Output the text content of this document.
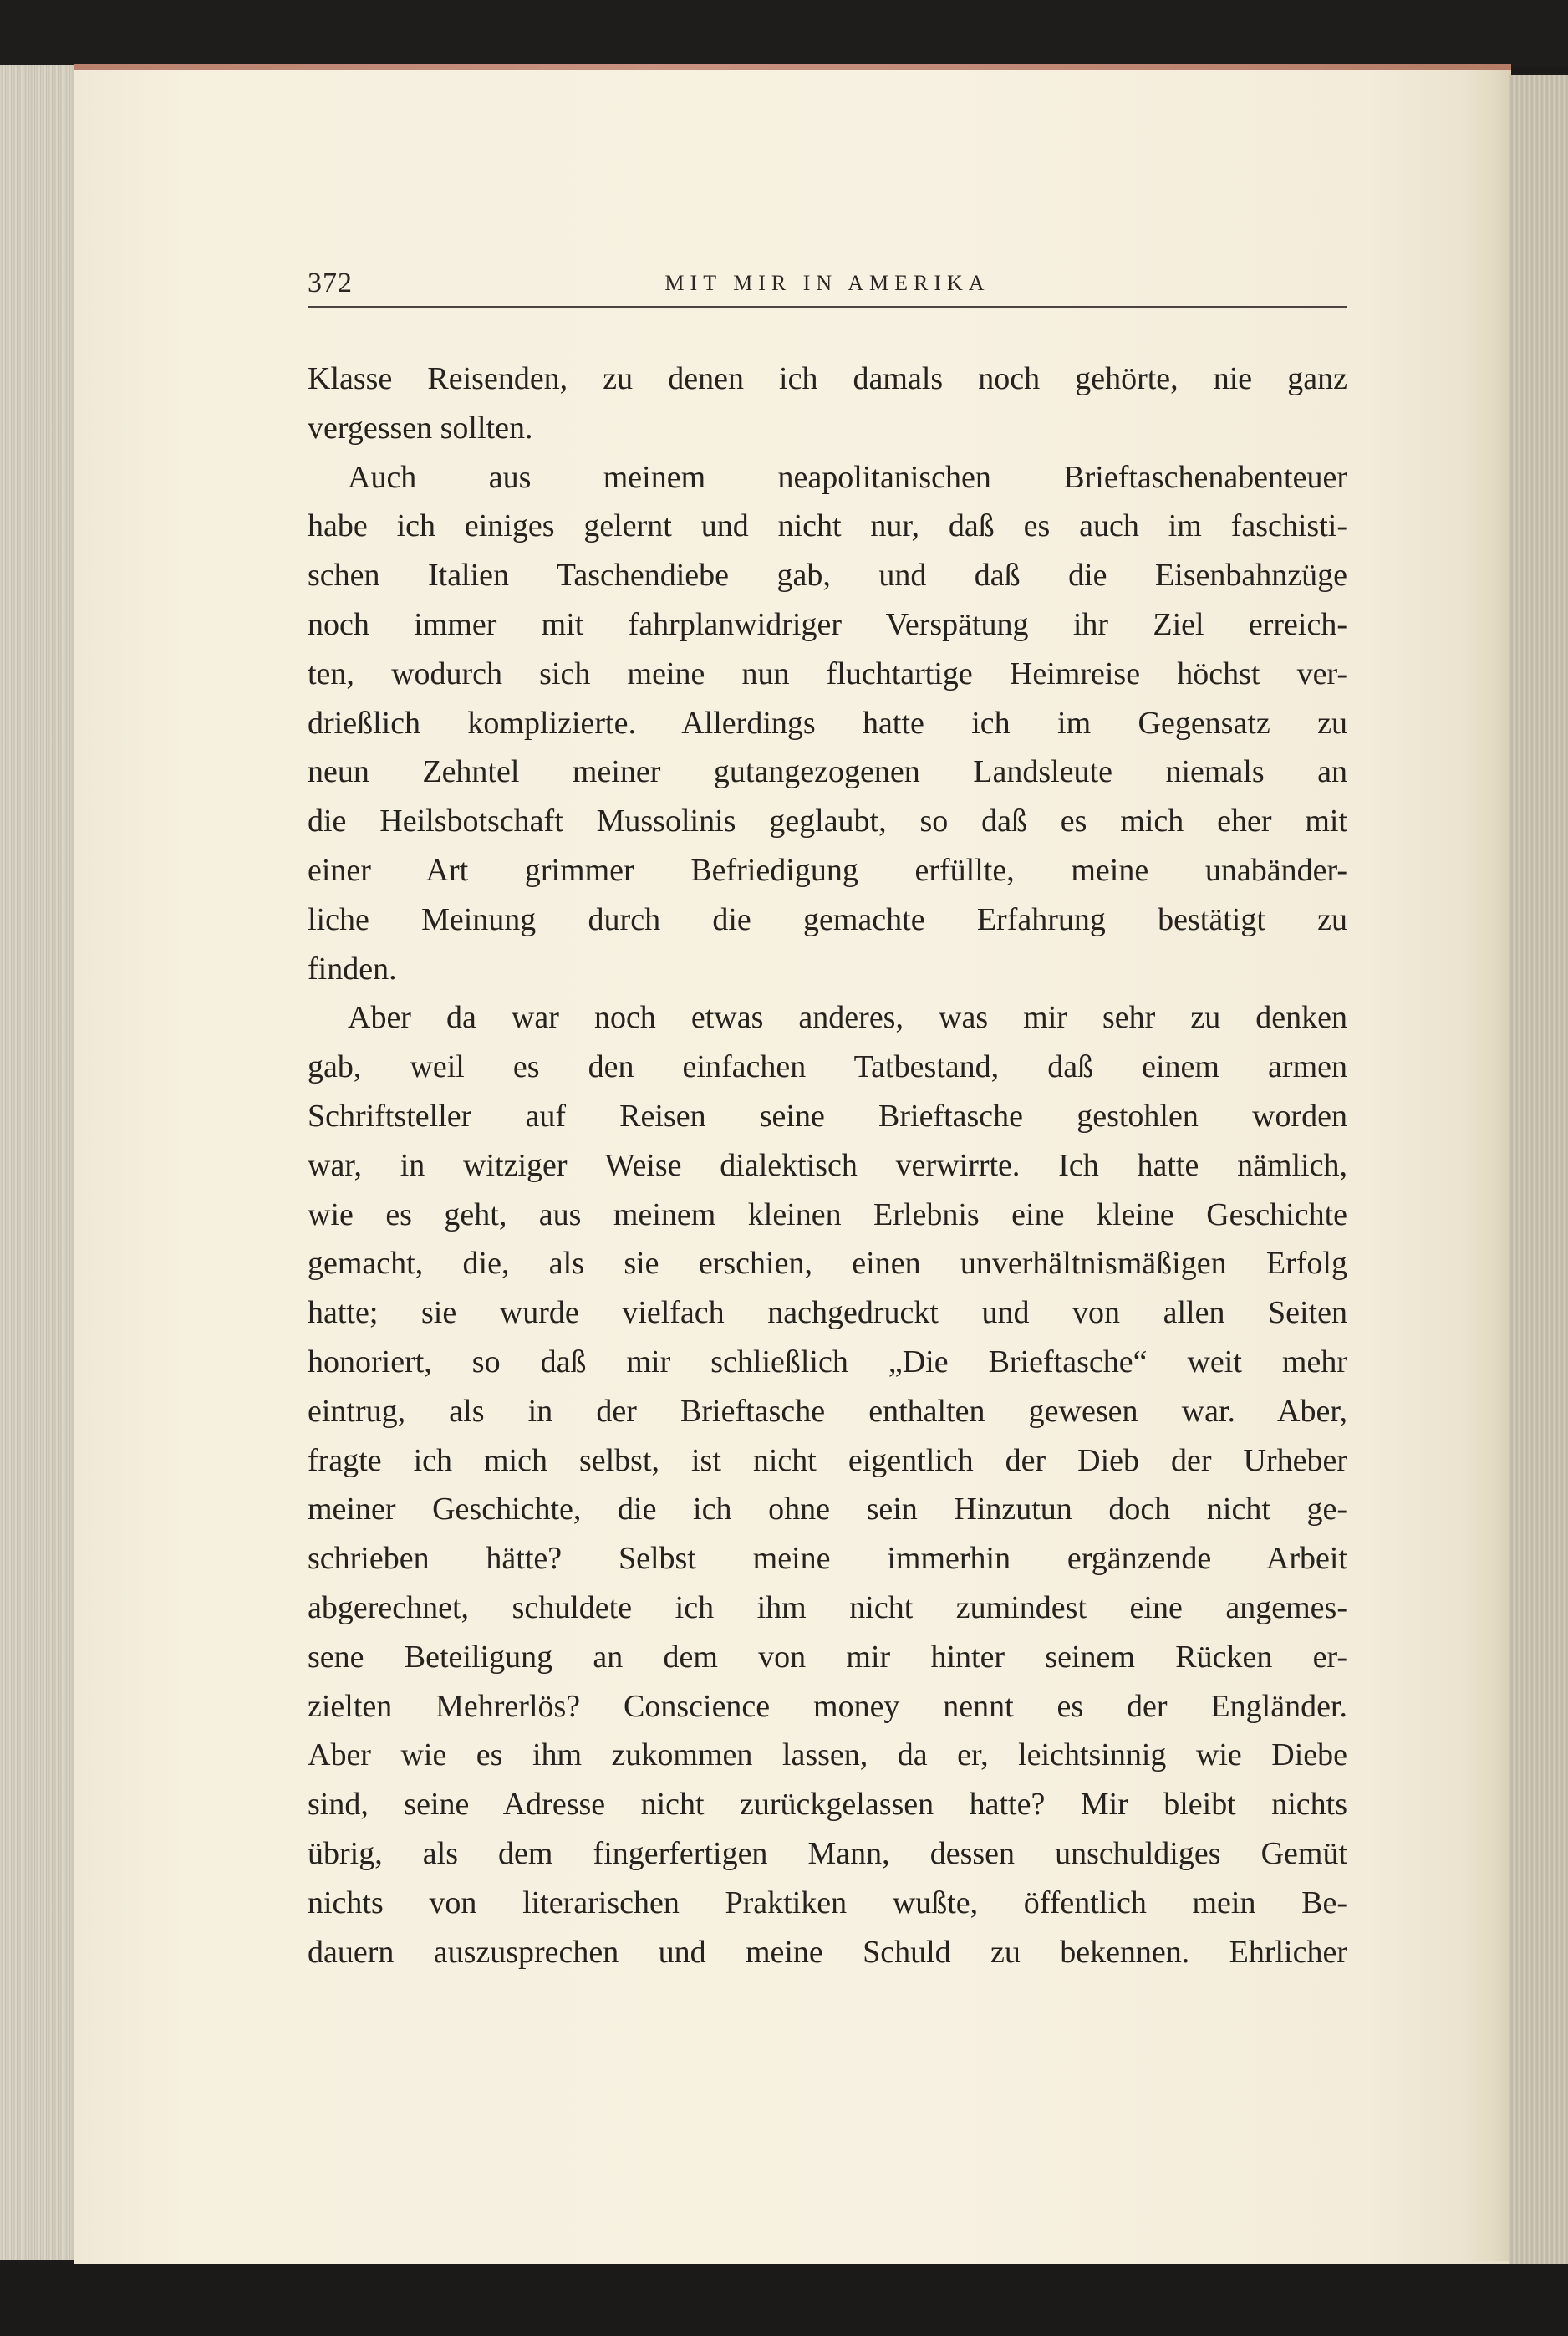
372	MIT MIR IN AMERIKA
Klasse Reisenden, zu denen ich damals noch gehörte, nie ganz
vergessen sollten.
Auch aus meinem neapolitanischen Brieftaschenabenteuer
habe ich einiges gelernt und nicht nur, daß es auch im faschisti-
schen Italien Taschendiebe gab, und daß die Eisenbahnzüge
noch immer mit fahrplanwidriger Verspätung ihr Ziel erreich-
ten, wodurch sich meine nun fluchtartige Heimreise höchst ver-
drießlich komplizierte. Allerdings hatte ich im Gegensatz zu
neun Zehntel meiner gutangezogenen Landsleute niemals an
die Heilsbotschaft Mussolinis geglaubt, so daß es mich eher mit
einer Art grimmer Befriedigung erfüllte, meine unabänder-
liche Meinung durch die gemachte Erfahrung bestätigt zu
finden.
Aber da war noch etwas anderes, was mir sehr zu denken
gab, weil es den einfachen Tatbestand, daß einem armen
Schriftsteller auf Reisen seine Brieftasche gestohlen worden
war, in witziger Weise dialektisch verwirrte. Ich hatte nämlich,
wie es geht, aus meinem kleinen Erlebnis eine kleine Geschichte
gemacht, die, als sie erschien, einen unverhältnismäßigen Erfolg
hatte; sie wurde vielfach nachgedruckt und von allen Seiten
honoriert, so daß mir schließlich „Die Brieftasche“ weit mehr
eintrug, als in der Brieftasche enthalten gewesen war. Aber,
fragte ich mich selbst, ist nicht eigentlich der Dieb der Urheber
meiner Geschichte, die ich ohne sein Hinzutun doch nicht ge-
schrieben hätte? Selbst meine immerhin ergänzende Arbeit
abgerechnet, schuldete ich ihm nicht zumindest eine angemes-
sene Beteiligung an dem von mir hinter seinem Rücken er-
zielten Mehrerlös? Conscience money nennt es der Engländer.
Aber wie es ihm zukommen lassen, da er, leichtsinnig wie Diebe
sind, seine Adresse nicht zurückgelassen hatte? Mir bleibt nichts
übrig, als dem fingerfertigen Mann, dessen unschuldiges Gemüt
nichts von literarischen Praktiken wußte, öffentlich mein Be-
dauern auszusprechen und meine Schuld zu bekennen. Ehrlicher
